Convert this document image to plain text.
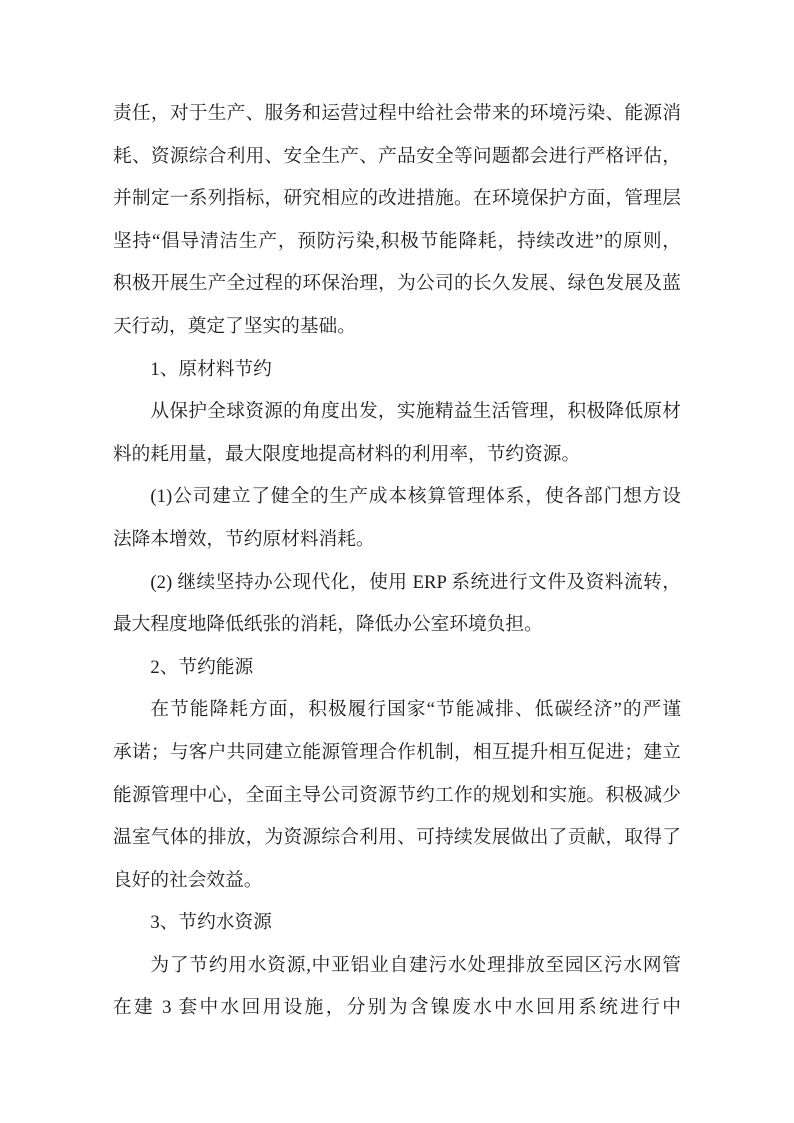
责任，对于生产、服务和运营过程中给社会带来的环境污染、能源消
耗、资源综合利用、安全生产、产品安全等问题都会进行严格评估，
并制定一系列指标，研究相应的改进措施。在环境保护方面，管理层
坚持“倡导清洁生产，预防污染,积极节能降耗，持续改进”的原则，
积极开展生产全过程的环保治理，为公司的长久发展、绿色发展及蓝
天行动，奠定了坚实的基础。
1、原材料节约
从保护全球资源的角度出发，实施精益生活管理，积极降低原材
料的耗用量，最大限度地提高材料的利用率，节约资源。
(1)公司建立了健全的生产成本核算管理体系，使各部门想方设
法降本增效，节约原材料消耗。
(2) 继续坚持办公现代化，使用 ERP 系统进行文件及资料流转，
最大程度地降低纸张的消耗，降低办公室环境负担。
2、节约能源
在节能降耗方面，积极履行国家“节能减排、低碳经济”的严谨
承诺；与客户共同建立能源管理合作机制，相互提升相互促进；建立
能源管理中心，全面主导公司资源节约工作的规划和实施。积极减少
温室气体的排放，为资源综合利用、可持续发展做出了贡献，取得了
良好的社会效益。
3、节约水资源
为了节约用水资源,中亚铝业自建污水处理排放至园区污水网管
在建 3 套中水回用设施，分别为含镍废水中水回用系统进行中
